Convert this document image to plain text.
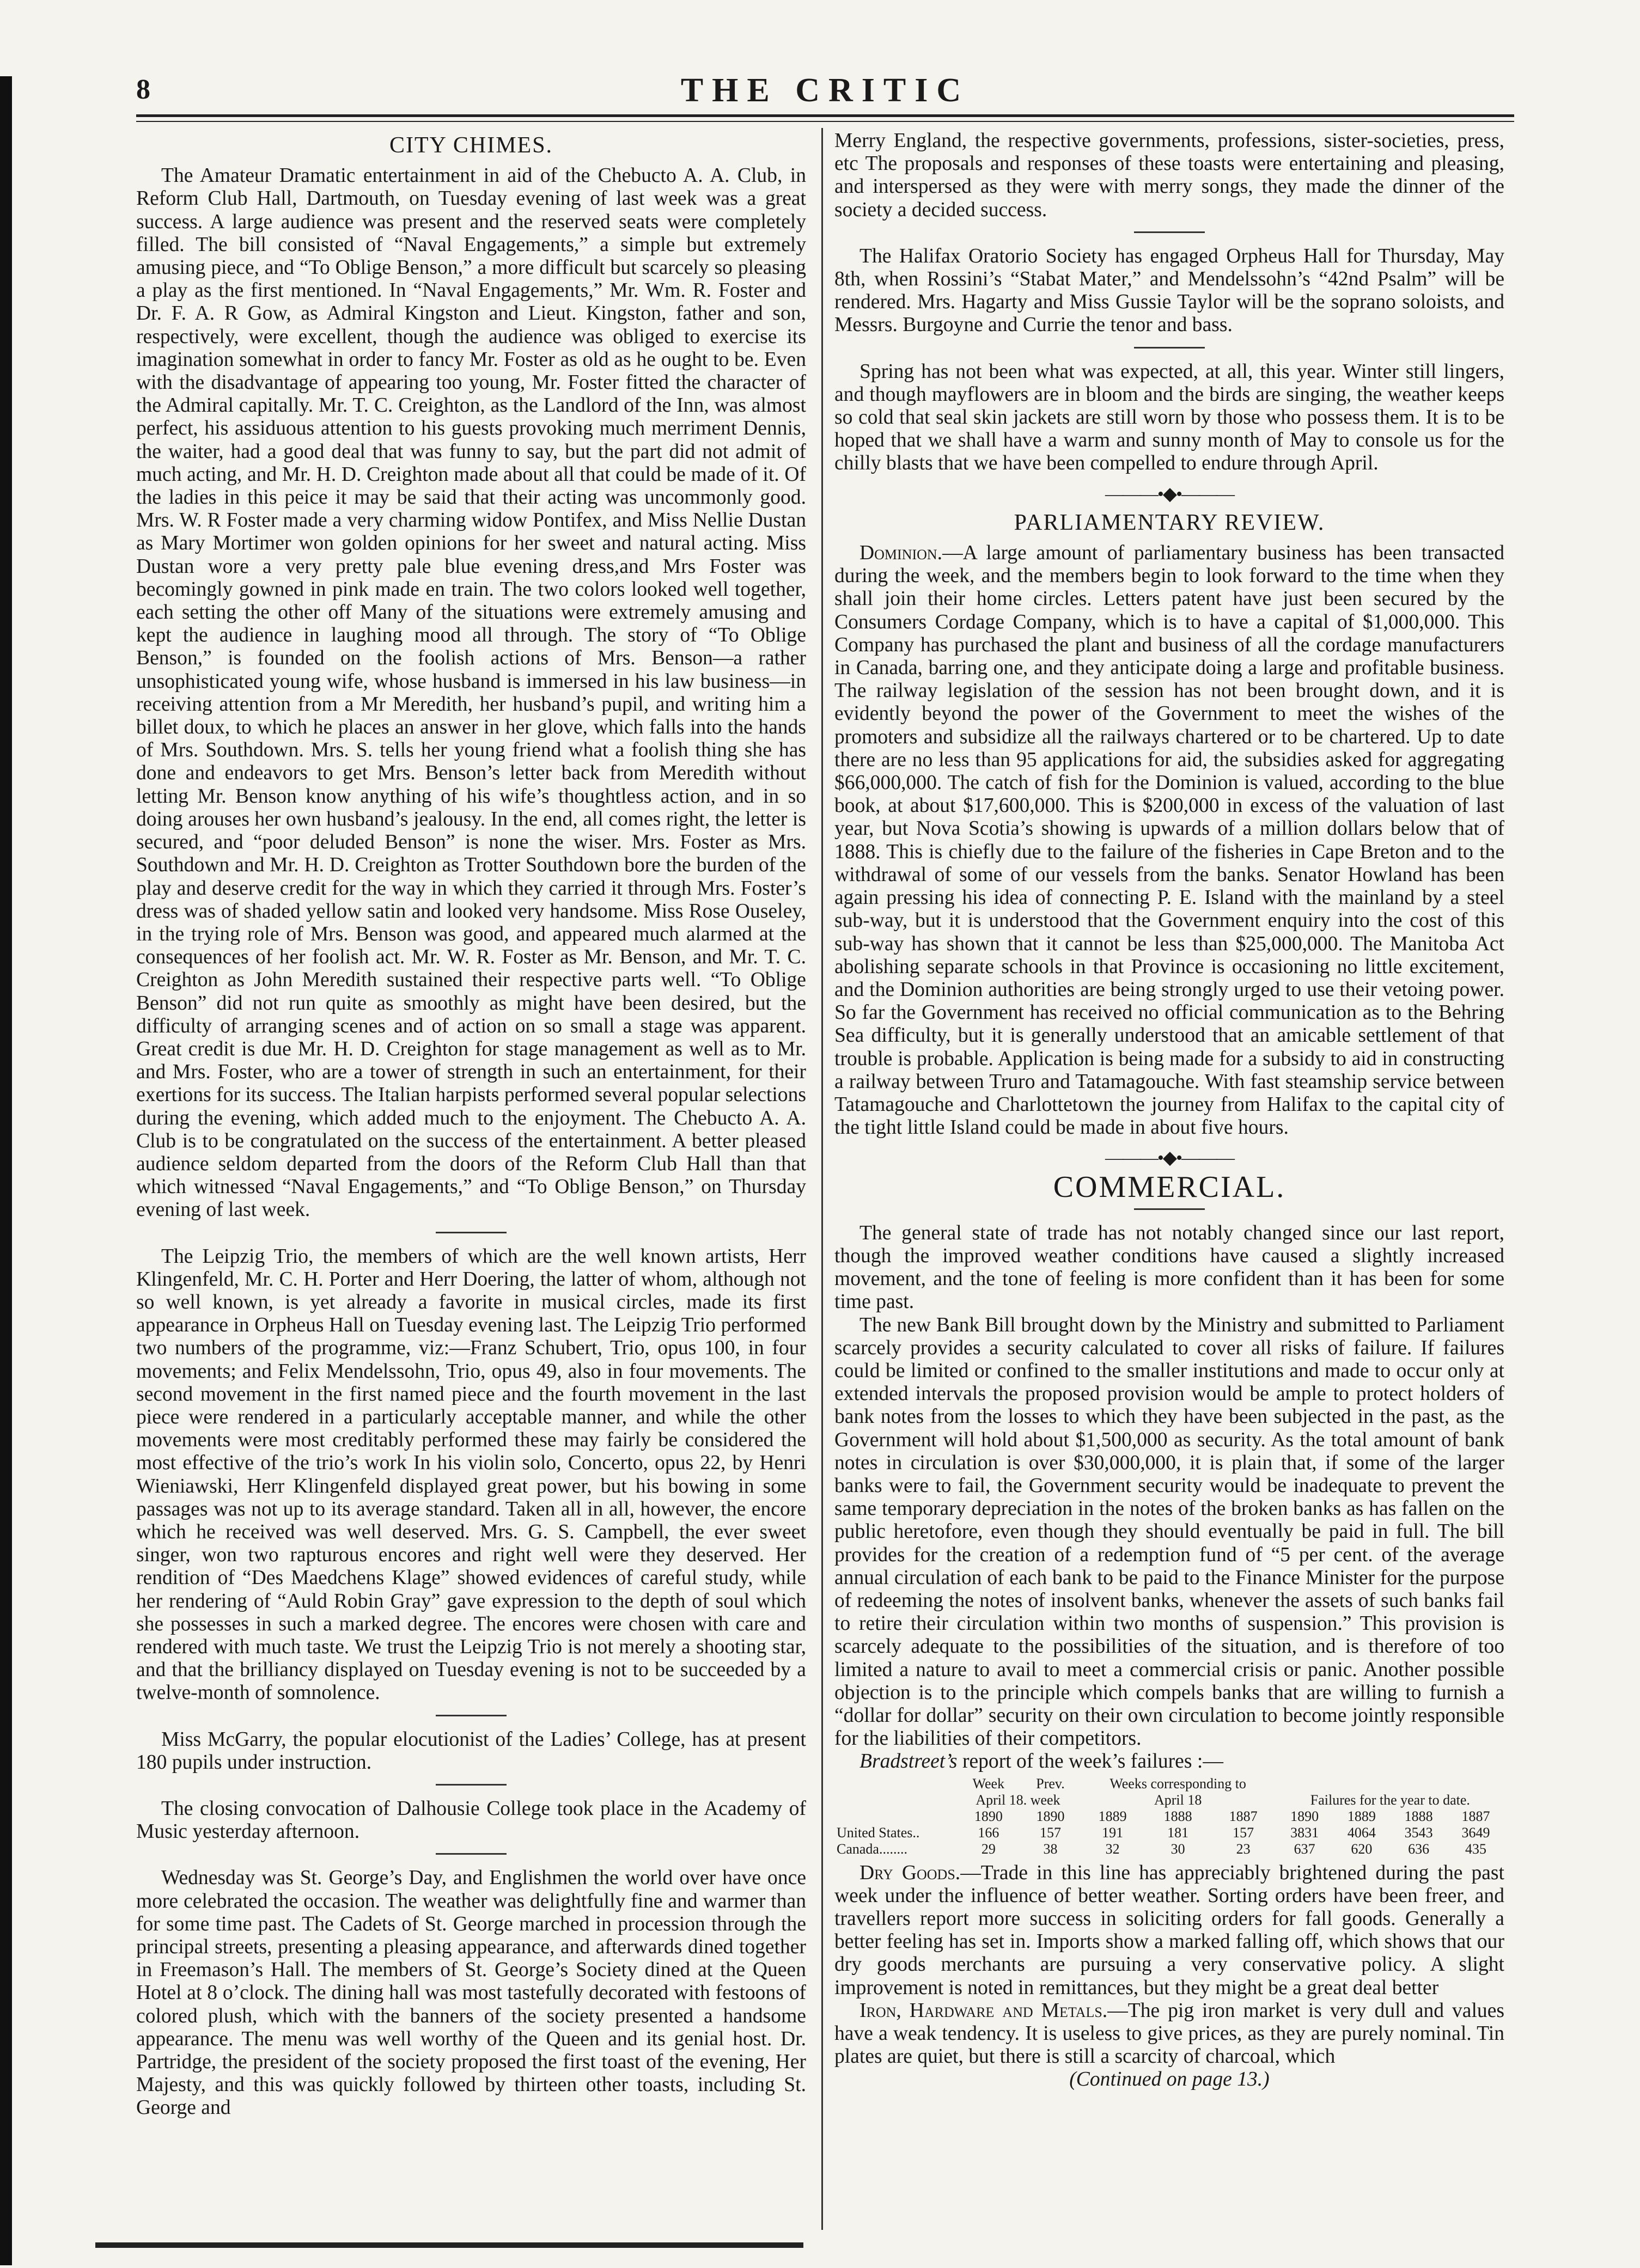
8	THE CRITIC
CITY CHIMES.

The Amateur Dramatic entertainment in aid of the Chebucto A. A. Club, in Reform Club Hall, Dartmouth, on Tuesday evening of last week was a great success. A large audience was present and the reserved seats were completely filled. The bill consisted of “Naval Engagements,” a simple but extremely amusing piece, and “To Oblige Benson,” a more difficult but scarcely so pleasing a play as the first mentioned. In “Naval Engagements,” Mr. Wm. R. Foster and Dr. F. A. R Gow, as Admiral Kingston and Lieut. Kingston, father and son, respectively, were excellent, though the audience was obliged to exercise its imagination somewhat in order to fancy Mr. Foster as old as he ought to be. Even with the disadvantage of appearing too young, Mr. Foster fitted the character of the Admiral capitally. Mr. T. C. Creighton, as the Landlord of the Inn, was almost perfect, his assiduous attention to his guests provoking much merriment Dennis, the waiter, had a good deal that was funny to say, but the part did not admit of much acting, and Mr. H. D. Creighton made about all that could be made of it. Of the ladies in this peice it may be said that their acting was uncommonly good. Mrs. W. R Foster made a very charming widow Pontifex, and Miss Nellie Dustan as Mary Mortimer won golden opinions for her sweet and natural acting. Miss Dustan wore a very pretty pale blue evening dress,and Mrs Foster was becomingly gowned in pink made en train. The two colors looked well together, each setting the other off Many of the situations were extremely amusing and kept the audience in laughing mood all through. The story of “To Oblige Benson,” is founded on the foolish actions of Mrs. Benson—a rather unsophisticated young wife, whose husband is immersed in his law business—in receiving attention from a Mr Meredith, her husband’s pupil, and writing him a billet doux, to which he places an answer in her glove, which falls into the hands of Mrs. Southdown. Mrs. S. tells her young friend what a foolish thing she has done and endeavors to get Mrs. Benson’s letter back from Meredith without letting Mr. Benson know anything of his wife’s thoughtless action, and in so doing arouses her own husband’s jealousy. In the end, all comes right, the letter is secured, and “poor deluded Benson” is none the wiser. Mrs. Foster as Mrs. Southdown and Mr. H. D. Creighton as Trotter Southdown bore the burden of the play and deserve credit for the way in which they carried it through Mrs. Foster’s dress was of shaded yellow satin and looked very handsome. Miss Rose Ouseley, in the trying role of Mrs. Benson was good, and appeared much alarmed at the consequences of her foolish act. Mr. W. R. Foster as Mr. Benson, and Mr. T. C. Creighton as John Meredith sustained their respective parts well. “To Oblige Benson” did not run quite as smoothly as might have been desired, but the difficulty of arranging scenes and of action on so small a stage was apparent. Great credit is due Mr. H. D. Creighton for stage management as well as to Mr. and Mrs. Foster, who are a tower of strength in such an entertainment, for their exertions for its success. The Italian harpists performed several popular selections during the evening, which added much to the enjoyment. The Chebucto A. A. Club is to be congratulated on the success of the entertainment. A better pleased audience seldom departed from the doors of the Reform Club Hall than that which witnessed “Naval Engagements,” and “To Oblige Benson,” on Thursday evening of last week.

The Leipzig Trio, the members of which are the well known artists, Herr Klingenfeld, Mr. C. H. Porter and Herr Doering, the latter of whom, although not so well known, is yet already a favorite in musical circles, made its first appearance in Orpheus Hall on Tuesday evening last. The Leipzig Trio performed two numbers of the programme, viz:—Franz Schubert, Trio, opus 100, in four movements; and Felix Mendelssohn, Trio, opus 49, also in four movements. The second movement in the first named piece and the fourth movement in the last piece were rendered in a particularly acceptable manner, and while the other movements were most creditably performed these may fairly be considered the most effective of the trio’s work In his violin solo, Concerto, opus 22, by Henri Wieniawski, Herr Klingenfeld displayed great power, but his bowing in some passages was not up to its average standard. Taken all in all, however, the encore which he received was well deserved. Mrs. G. S. Campbell, the ever sweet singer, won two rapturous encores and right well were they deserved. Her rendition of “Des Maedchens Klage” showed evidences of careful study, while her rendering of “Auld Robin Gray” gave expression to the depth of soul which she possesses in such a marked degree. The encores were chosen with care and rendered with much taste. We trust the Leipzig Trio is not merely a shooting star, and that the brilliancy displayed on Tuesday evening is not to be succeeded by a twelve-month of somnolence.

Miss McGarry, the popular elocutionist of the Ladies’ College, has at present 180 pupils under instruction.

The closing convocation of Dalhousie College took place in the Academy of Music yesterday afternoon.

Wednesday was St. George’s Day, and Englishmen the world over have once more celebrated the occasion. The weather was delightfully fine and warmer than for some time past. The Cadets of St. George marched in procession through the principal streets, presenting a pleasing appearance, and afterwards dined together in Freemason’s Hall. The members of St. George’s Society dined at the Queen Hotel at 8 o’clock. The dining hall was most tastefully decorated with festoons of colored plush, which with the banners of the society presented a handsome appearance. The menu was well worthy of the Queen and its genial host. Dr. Partridge, the president of the society proposed the first toast of the evening, Her Majesty, and this was quickly followed by thirteen other toasts, including St. George and

Merry England, the respective governments, professions, sister-societies, press, etc The proposals and responses of these toasts were entertaining and pleasing, and interspersed as they were with merry songs, they made the dinner of the society a decided success.

The Halifax Oratorio Society has engaged Orpheus Hall for Thursday, May 8th, when Rossini’s “Stabat Mater,” and Mendelssohn’s “42nd Psalm” will be rendered. Mrs. Hagarty and Miss Gussie Taylor will be the soprano soloists, and Messrs. Burgoyne and Currie the tenor and bass.

Spring has not been what was expected, at all, this year. Winter still lingers, and though mayflowers are in bloom and the birds are singing, the weather keeps so cold that seal skin jackets are still worn by those who possess them. It is to be hoped that we shall have a warm and sunny month of May to console us for the chilly blasts that we have been compelled to endure through April.

———•◆•———
PARLIAMENTARY REVIEW.

Dominion.—A large amount of parliamentary business has been transacted during the week, and the members begin to look forward to the time when they shall join their home circles. Letters patent have just been secured by the Consumers Cordage Company, which is to have a capital of $1,000,000. This Company has purchased the plant and business of all the cordage manufacturers in Canada, barring one, and they anticipate doing a large and profitable business. The railway legislation of the session has not been brought down, and it is evidently beyond the power of the Government to meet the wishes of the promoters and subsidize all the railways chartered or to be chartered. Up to date there are no less than 95 applications for aid, the subsidies asked for aggregating $66,000,000. The catch of fish for the Dominion is valued, according to the blue book, at about $17,600,000. This is $200,000 in excess of the valuation of last year, but Nova Scotia’s showing is upwards of a million dollars below that of 1888. This is chiefly due to the failure of the fisheries in Cape Breton and to the withdrawal of some of our vessels from the banks. Senator Howland has been again pressing his idea of connecting P. E. Island with the mainland by a steel sub-way, but it is understood that the Government enquiry into the cost of this sub-way has shown that it cannot be less than $25,000,000. The Manitoba Act abolishing separate schools in that Province is occasioning no little excitement, and the Dominion authorities are being strongly urged to use their vetoing power. So far the Government has received no official communication as to the Behring Sea difficulty, but it is generally understood that an amicable settlement of that trouble is probable. Application is being made for a subsidy to aid in constructing a railway between Truro and Tatamagouche. With fast steamship service between Tatamagouche and Charlottetown the journey from Halifax to the capital city of the tight little Island could be made in about five hours.

———•◆•———
COMMERCIAL.

The general state of trade has not notably changed since our last report, though the improved weather conditions have caused a slightly increased movement, and the tone of feeling is more confident than it has been for some time past.

The new Bank Bill brought down by the Ministry and submitted to Parliament scarcely provides a security calculated to cover all risks of failure. If failures could be limited or confined to the smaller institutions and made to occur only at extended intervals the proposed provision would be ample to protect holders of bank notes from the losses to which they have been subjected in the past, as the Government will hold about $1,500,000 as security. As the total amount of bank notes in circulation is over $30,000,000, it is plain that, if some of the larger banks were to fail, the Government security would be inadequate to prevent the same temporary depreciation in the notes of the broken banks as has fallen on the public heretofore, even though they should eventually be paid in full. The bill provides for the creation of a redemption fund of “5 per cent. of the average annual circulation of each bank to be paid to the Finance Minister for the purpose of redeeming the notes of insolvent banks, whenever the assets of such banks fail to retire their circulation within two months of suspension.” This provision is scarcely adequate to the possibilities of the situation, and is therefore of too limited a nature to avail to meet a commercial crisis or panic. Another possible objection is to the principle which compels banks that are willing to furnish a “dollar for dollar” security on their own circulation to become jointly responsible for the liabilities of their competitors.

Bradstreet’s report of the week’s failures :—

	Week	Prev.	Weeks corresponding to						
	April 18. week		April 18			Failures for the year to date.			
	1890	1890	1889	1888	1887	1890	1889	1888	1887
United States..	166	157	191	181	157	3831	4064	3543	3649
Canada........	29	38	32	30	23	637	620	636	435

Dry Goods.—Trade in this line has appreciably brightened during the past week under the influence of better weather. Sorting orders have been freer, and travellers report more success in soliciting orders for fall goods. Generally a better feeling has set in. Imports show a marked falling off, which shows that our dry goods merchants are pursuing a very conservative policy. A slight improvement is noted in remittances, but they might be a great deal better

Iron, Hardware and Metals.—The pig iron market is very dull and values have a weak tendency. It is useless to give prices, as they are purely nominal. Tin plates are quiet, but there is still a scarcity of charcoal, which

(Continued on page 13.)
